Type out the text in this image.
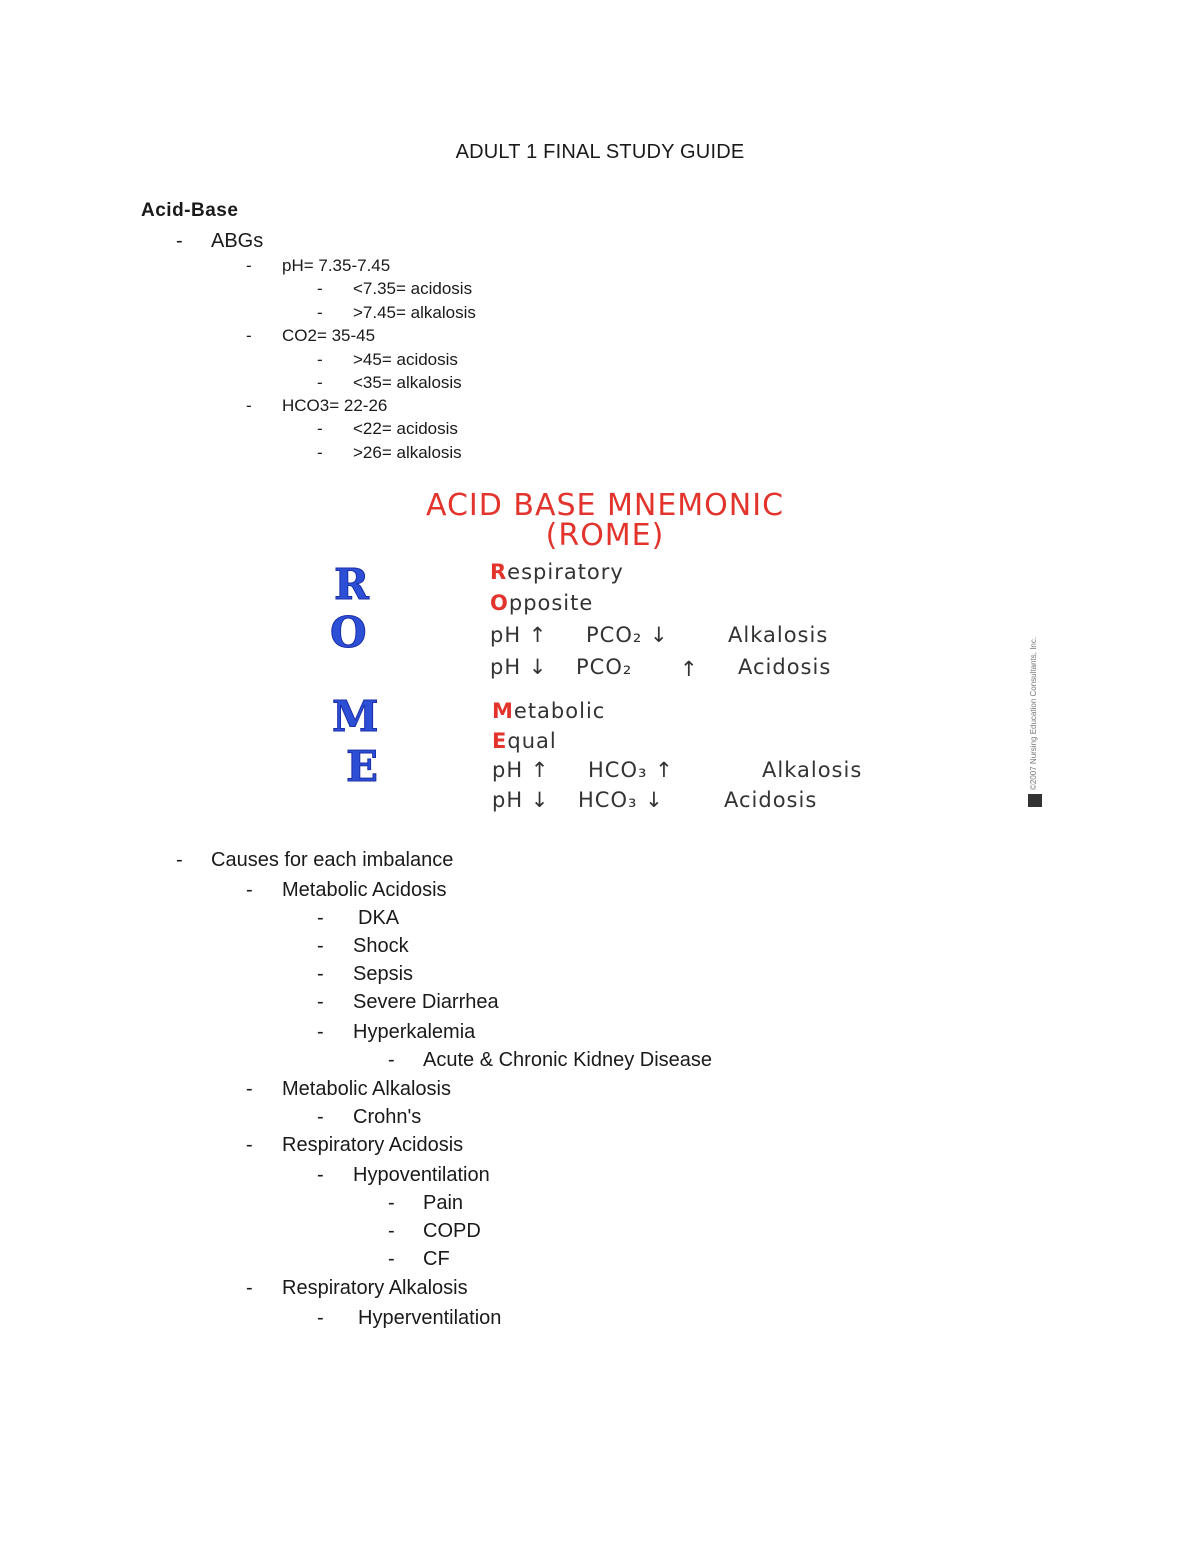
ADULT 1 FINAL STUDY GUIDE
Acid-Base
- ABGs
- pH= 7.35-7.45
- <7.35= acidosis
- >7.45= alkalosis
- CO2= 35-45
- >45= acidosis
- <35= alkalosis
- HCO3= 22-26
- <22= acidosis
- >26= alkalosis
ACID BASE MNEMONIC
(ROME)
R
O
M
E
Respiratory
Opposite
pH ↑ PCO₂ ↓	Alkalosis
pH ↓ PCO₂ ↑ Acidosis
Metabolic
Equal
pH ↑ HCO₃ ↑	Alkalosis
pH ↓ HCO₃ ↓	Acidosis
©2007 Nursing Education Consultants, Inc.
- Causes for each imbalance
- Metabolic Acidosis
- DKA
- Shock
- Sepsis
- Severe Diarrhea
- Hyperkalemia
- Acute & Chronic Kidney Disease
- Metabolic Alkalosis
- Crohn's
- Respiratory Acidosis
- Hypoventilation
- Pain
- COPD
- CF
- Respiratory Alkalosis
- Hyperventilation
